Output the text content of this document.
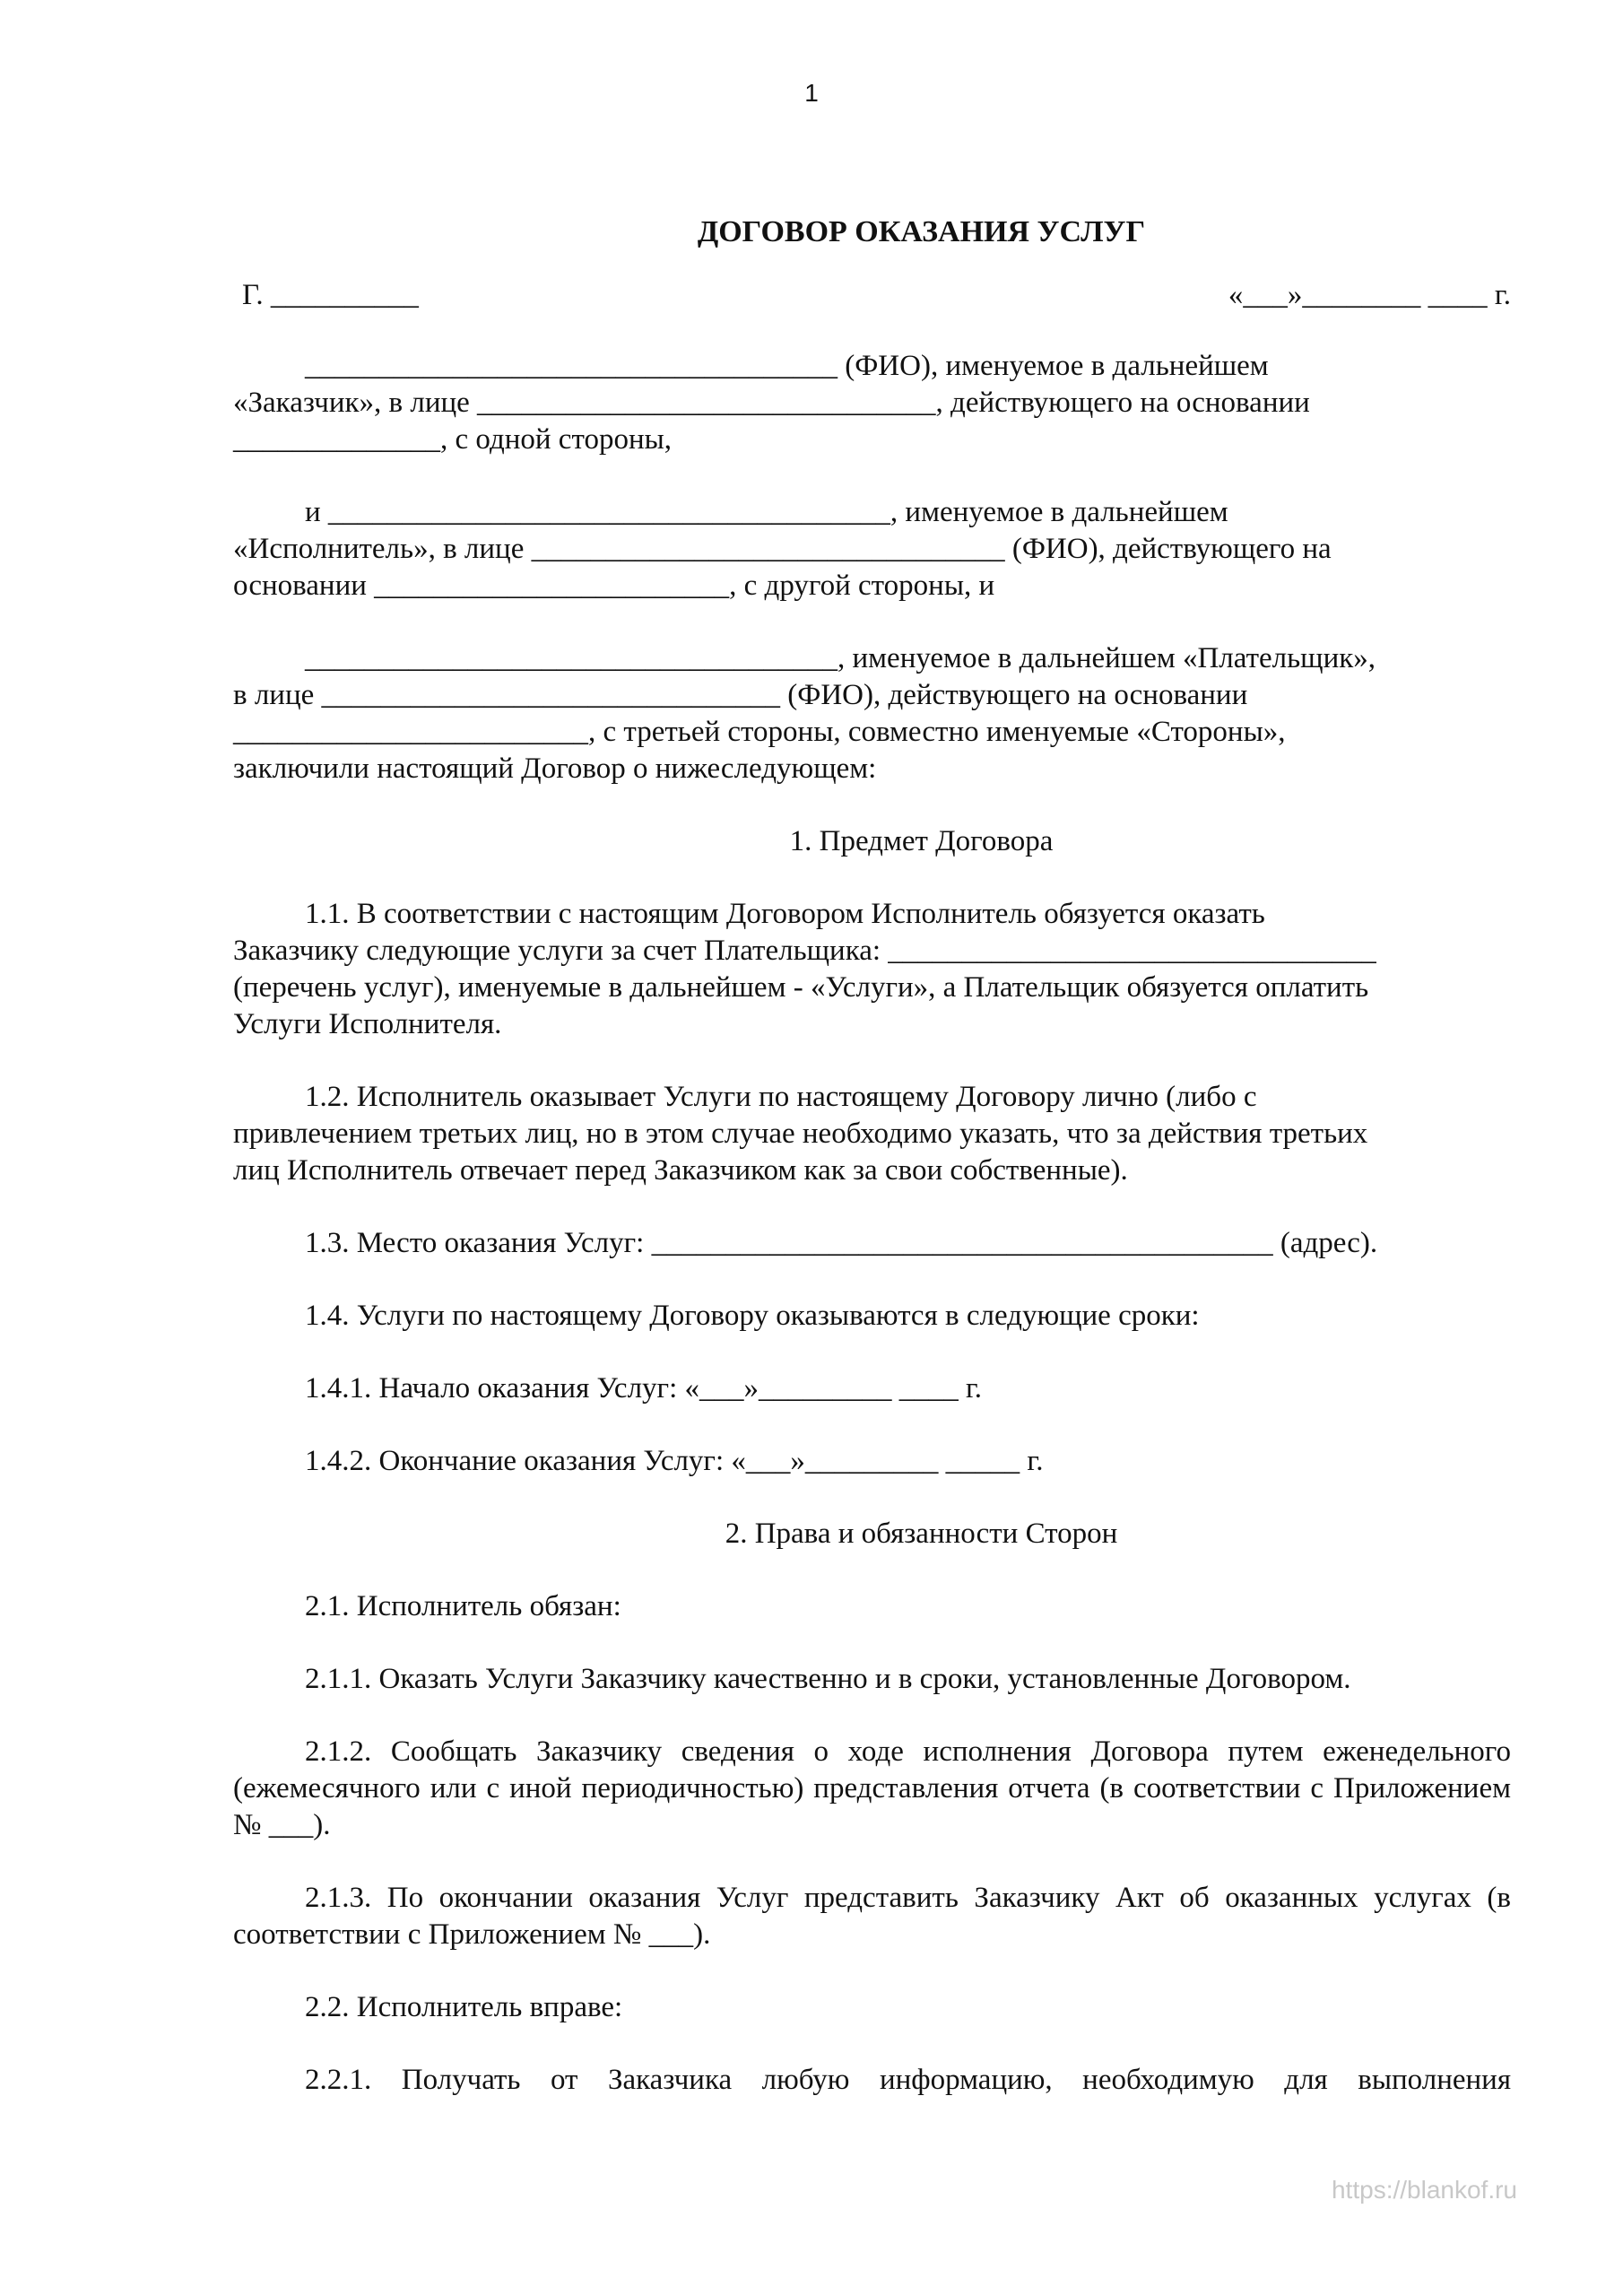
1
ДОГОВОР ОКАЗАНИЯ УСЛУГ
Г. __________	«___»________ ____ г.
____________________________________ (ФИО), именуемое в дальнейшем
«Заказчик», в лице _______________________________, действующего на основании
______________, с одной стороны,
и ______________________________________, именуемое в дальнейшем
«Исполнитель», в лице ________________________________ (ФИО), действующего на
основании ________________________, с другой стороны, и
____________________________________, именуемое в дальнейшем «Плательщик»,
в лице _______________________________ (ФИО), действующего на основании
________________________, с третьей стороны, совместно именуемые «Стороны»,
заключили настоящий Договор о нижеследующем:
1. Предмет Договора
1.1. В соответствии с настоящим Договором Исполнитель обязуется оказать
Заказчику следующие услуги за счет Плательщика: _________________________________
(перечень услуг), именуемые в дальнейшем - «Услуги», а Плательщик обязуется оплатить
Услуги Исполнителя.
1.2. Исполнитель оказывает Услуги по настоящему Договору лично (либо с
привлечением третьих лиц, но в этом случае необходимо указать, что за действия третьих
лиц Исполнитель отвечает перед Заказчиком как за свои собственные).
1.3. Место оказания Услуг: __________________________________________ (адрес).
1.4. Услуги по настоящему Договору оказываются в следующие сроки:
1.4.1. Начало оказания Услуг: «___»_________ ____ г.
1.4.2. Окончание оказания Услуг: «___»_________ _____ г.
2. Права и обязанности Сторон
2.1. Исполнитель обязан:
2.1.1. Оказать Услуги Заказчику качественно и в сроки, установленные Договором.
2.1.2. Сообщать Заказчику сведения о ходе исполнения Договора путем еженедельного (ежемесячного или с иной периодичностью) представления отчета (в соответствии с Приложением № ___).
2.1.3. По окончании оказания Услуг представить Заказчику Акт об оказанных услугах (в соответствии с Приложением № ___).
2.2. Исполнитель вправе:
2.2.1. Получать от Заказчика любую информацию, необходимую для выполнения
https://blankof.ru
